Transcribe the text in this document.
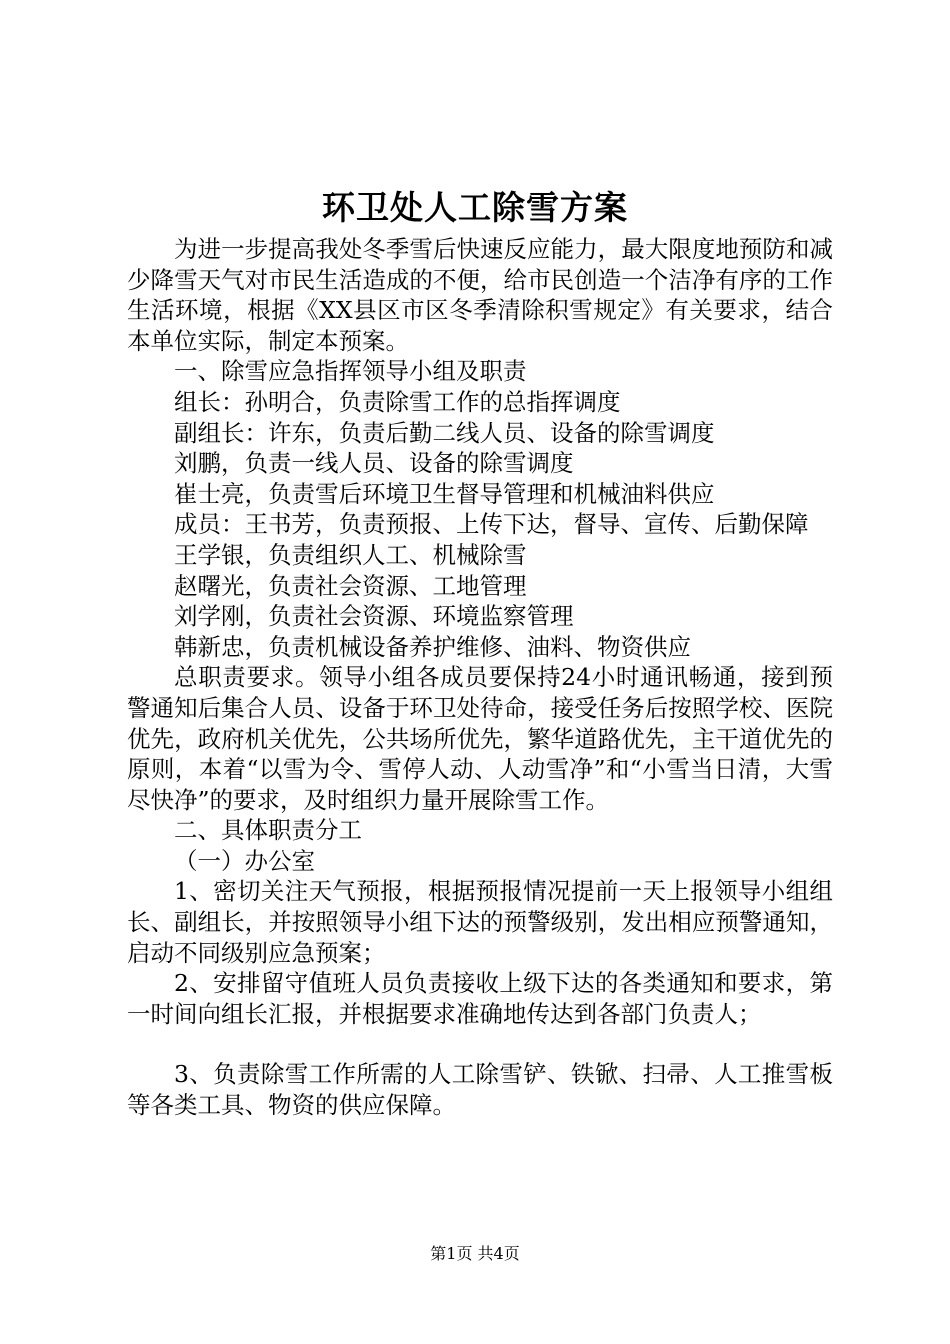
环卫处人工除雪方案

为进一步提高我处冬季雪后快速反应能力，最大限度地预防和减少降雪天气对市民生活造成的不便，给市民创造一个洁净有序的工作生活环境，根据《XX县区市区冬季清除积雪规定》有关要求，结合本单位实际，制定本预案。

一、除雪应急指挥领导小组及职责

组长：孙明合，负责除雪工作的总指挥调度

副组长：许东，负责后勤二线人员、设备的除雪调度

刘鹏，负责一线人员、设备的除雪调度

崔士亮，负责雪后环境卫生督导管理和机械油料供应

成员：王书芳，负责预报、上传下达，督导、宣传、后勤保障

王学银，负责组织人工、机械除雪

赵曙光，负责社会资源、工地管理

刘学刚，负责社会资源、环境监察管理

韩新忠，负责机械设备养护维修、油料、物资供应

总职责要求。领导小组各成员要保持24小时通讯畅通，接到预警通知后集合人员、设备于环卫处待命，接受任务后按照学校、医院优先，政府机关优先，公共场所优先，繁华道路优先，主干道优先的原则，本着“以雪为令、雪停人动、人动雪净”和“小雪当日清，大雪尽快净”的要求，及时组织力量开展除雪工作。

二、具体职责分工

（一）办公室

1、密切关注天气预报，根据预报情况提前一天上报领导小组组长、副组长，并按照领导小组下达的预警级别，发出相应预警通知，启动不同级别应急预案；

2、安排留守值班人员负责接收上级下达的各类通知和要求，第一时间向组长汇报，并根据要求准确地传达到各部门负责人；

3、负责除雪工作所需的人工除雪铲、铁锨、扫帚、人工推雪板等各类工具、物资的供应保障。

第1页 共4页
